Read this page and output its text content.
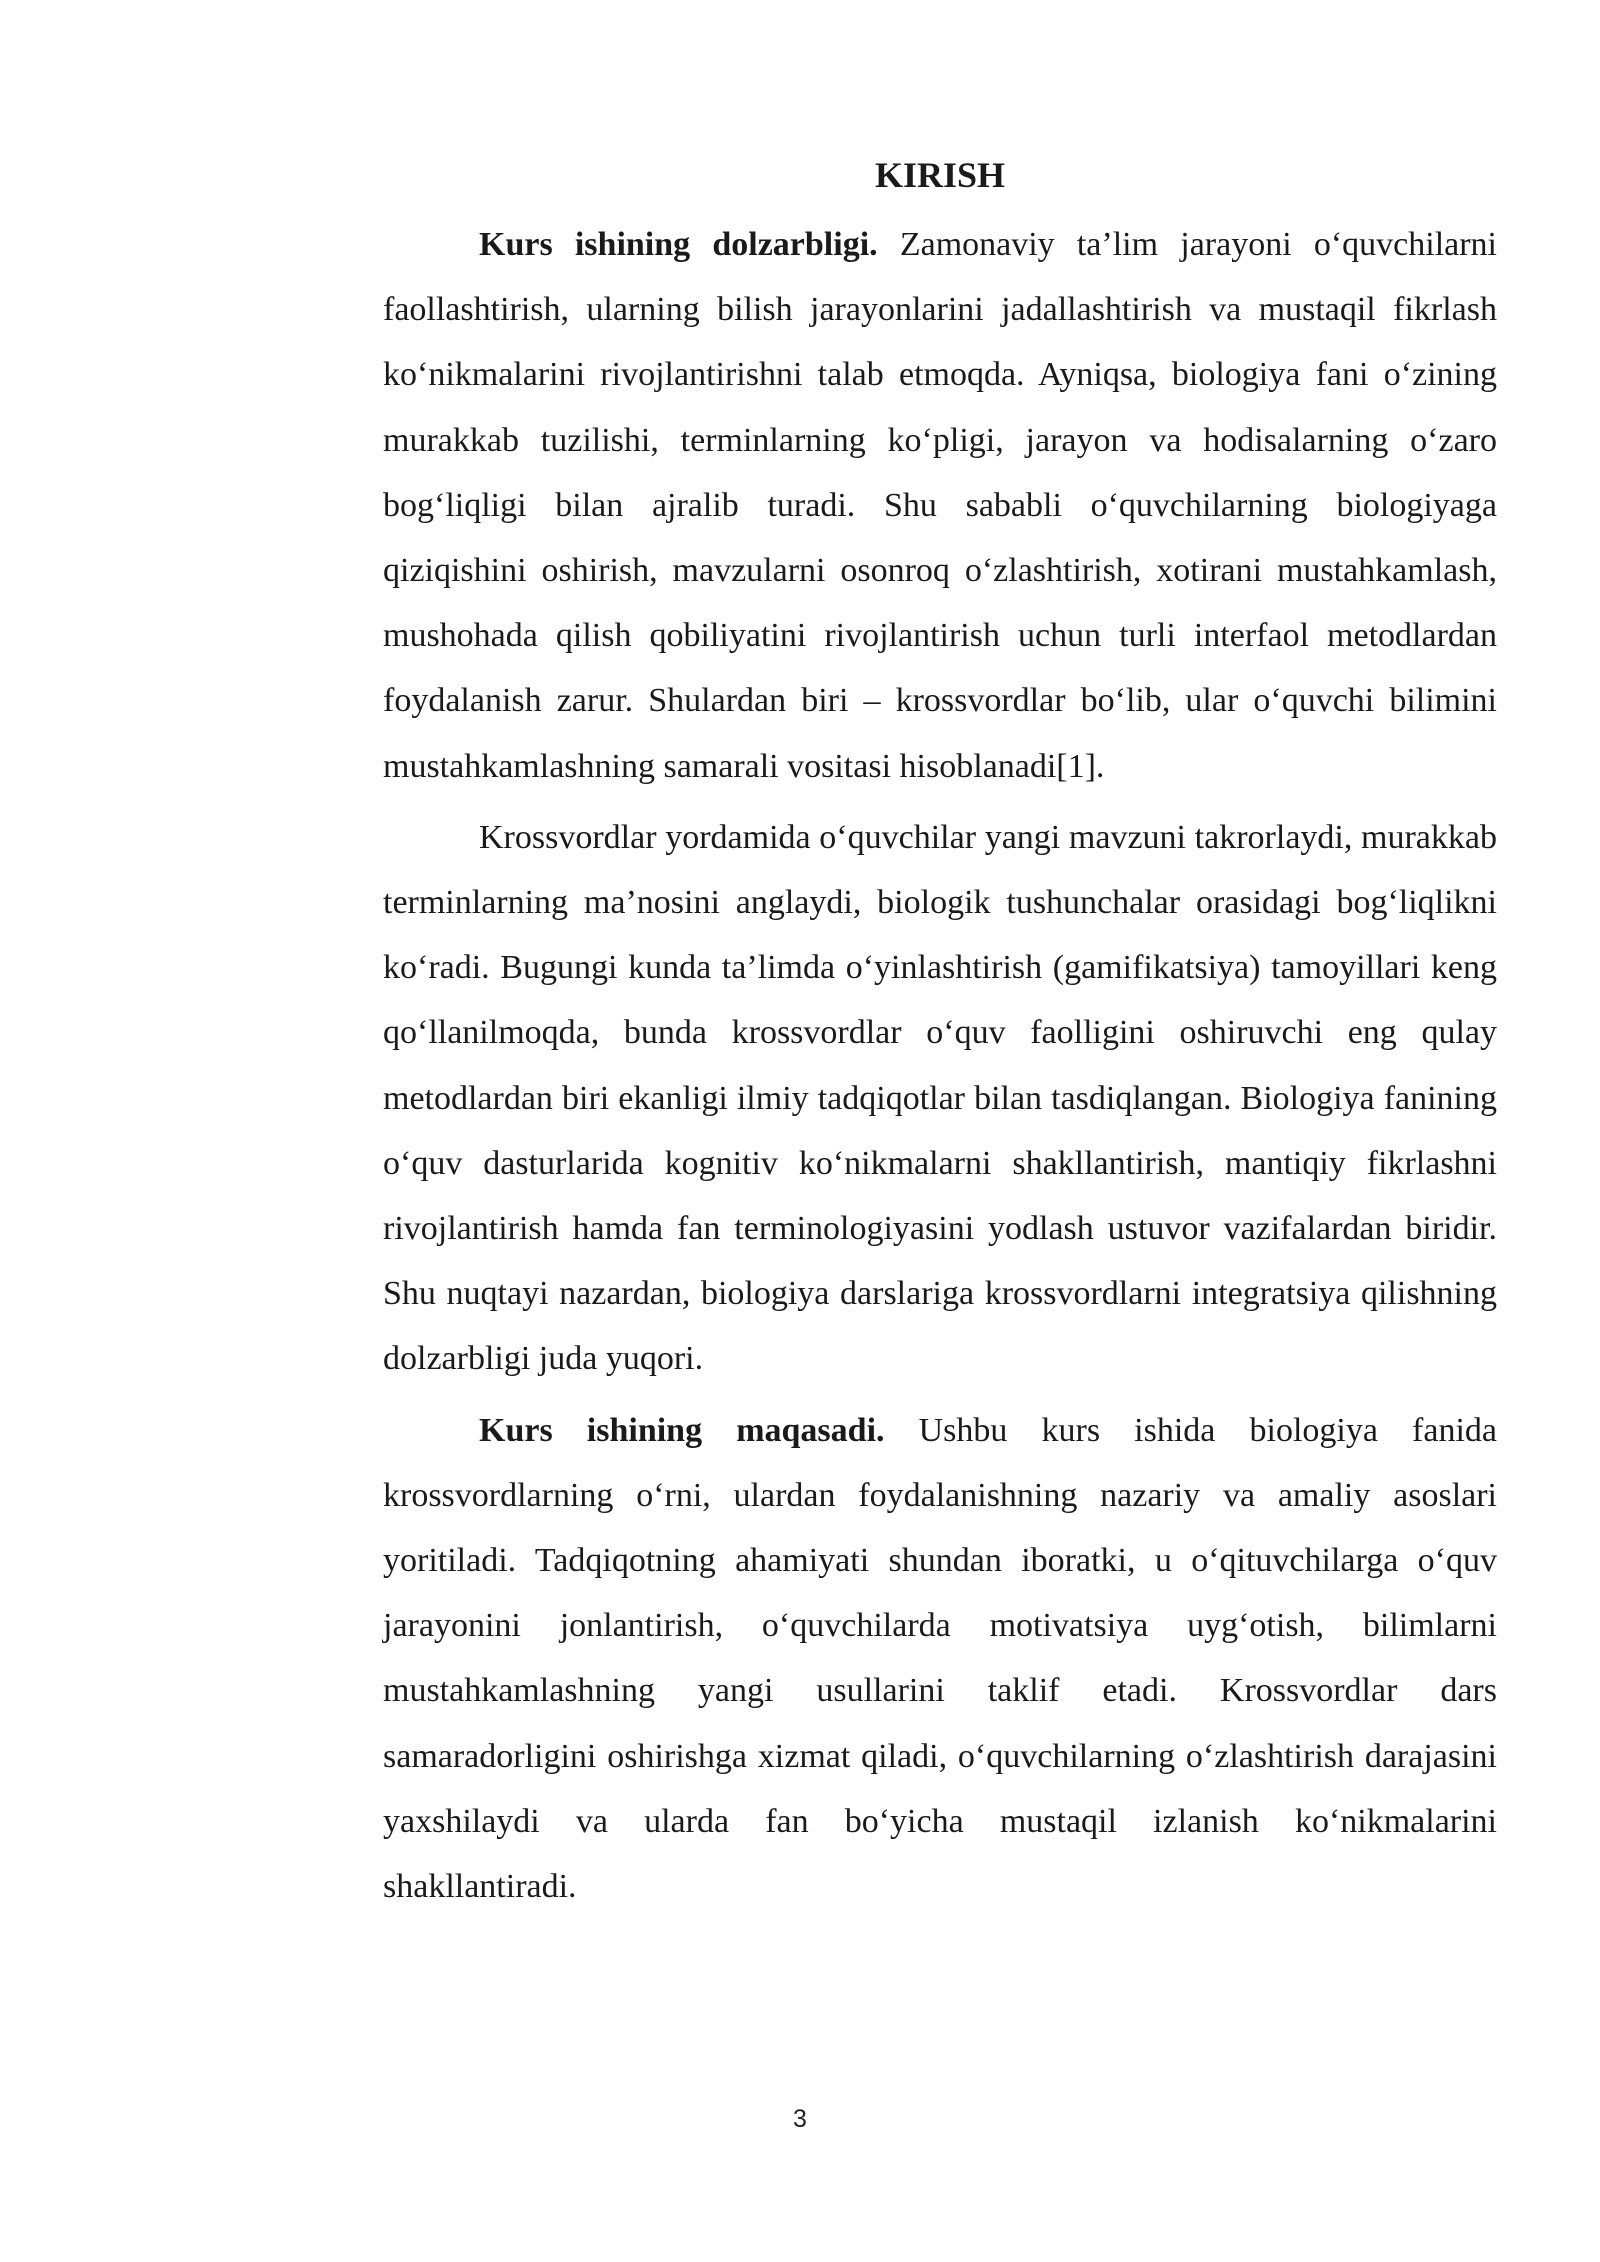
KIRISH

Kurs ishining dolzarbligi. Zamonaviy ta’lim jarayoni o‘quvchilarni faollashtirish, ularning bilish jarayonlarini jadallashtirish va mustaqil fikrlash ko‘nikmalarini rivojlantirishni talab etmoqda. Ayniqsa, biologiya fani o‘zining murakkab tuzilishi, terminlarning ko‘pligi, jarayon va hodisalarning o‘zaro bog‘liqligi bilan ajralib turadi. Shu sababli o‘quvchilarning biologiyaga qiziqishini oshirish, mavzularni osonroq o‘zlashtirish, xotirani mustahkamlash, mushohada qilish qobiliyatini rivojlantirish uchun turli interfaol metodlardan foydalanish zarur. Shulardan biri – krossvordlar bo‘lib, ular o‘quvchi bilimini mustahkamlashning samarali vositasi hisoblanadi[1].

Krossvordlar yordamida o‘quvchilar yangi mavzuni takrorlaydi, murakkab terminlarning ma’nosini anglaydi, biologik tushunchalar orasidagi bog‘liqlikni ko‘radi. Bugungi kunda ta’limda o‘yinlashtirish (gamifikatsiya) tamoyillari keng qo‘llanilmoqda, bunda krossvordlar o‘quv faolligini oshiruvchi eng qulay metodlardan biri ekanligi ilmiy tadqiqotlar bilan tasdiqlangan. Biologiya fanining o‘quv dasturlarida kognitiv ko‘nikmalarni shakllantirish, mantiqiy fikrlashni rivojlantirish hamda fan terminologiyasini yodlash ustuvor vazifalardan biridir. Shu nuqtayi nazardan, biologiya darslariga krossvordlarni integratsiya qilishning dolzarbligi juda yuqori.

Kurs ishining maqasadi. Ushbu kurs ishida biologiya fanida krossvordlarning o‘rni, ulardan foydalanishning nazariy va amaliy asoslari yoritiladi. Tadqiqotning ahamiyati shundan iboratki, u o‘qituvchilarga o‘quv jarayonini jonlantirish, o‘quvchilarda motivatsiya uyg‘otish, bilimlarni mustahkamlashning yangi usullarini taklif etadi. Krossvordlar dars samaradorligini oshirishga xizmat qiladi, o‘quvchilarning o‘zlashtirish darajasini yaxshilaydi va ularda fan bo‘yicha mustaqil izlanish ko‘nikmalarini shakllantiradi.

3
